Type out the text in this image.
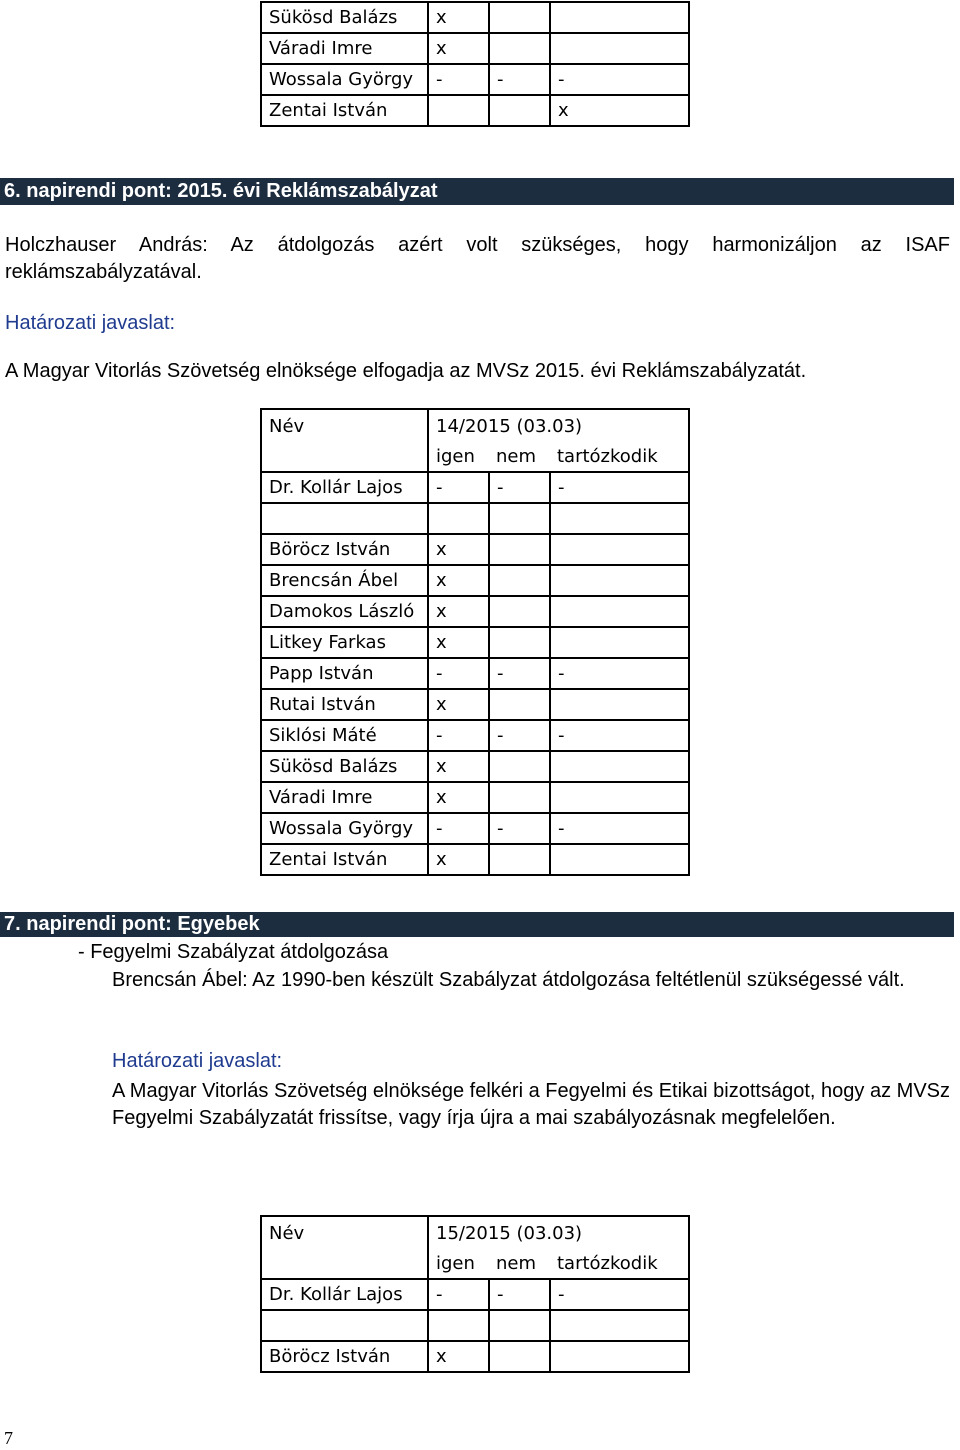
Sükösd Balázs	x		
Váradi Imre	x		
Wossala György	-	-	-
Zentai István			x
6. napirendi pont: 2015. évi Reklámszabályzat
Holczhauser András: Az átdolgozás azért volt szükséges, hogy harmonizáljon az ISAF reklámszabályzatával.
Határozati javaslat:
A Magyar Vitorlás Szövetség elnöksége elfogadja az MVSz 2015. évi Reklámszabályzatát.
Név	14/2015 (03.03)		
	igen	nem	tartózkodik
Dr. Kollár Lajos	-	-	-

Böröcz István	x		
Brencsán Ábel	x		
Damokos László	x		
Litkey Farkas	x		
Papp István	-	-	-
Rutai István	x		
Siklósi Máté	-	-	-
Sükösd Balázs	x		
Váradi Imre	x		
Wossala György	-	-	-
Zentai István	x		
7. napirendi pont: Egyebek
- Fegyelmi Szabályzat átdolgozása
Brencsán Ábel: Az 1990-ben készült Szabályzat átdolgozása feltétlenül szükségessé vált.
Határozati javaslat:
A Magyar Vitorlás Szövetség elnöksége felkéri a Fegyelmi és Etikai bizottságot, hogy az MVSz Fegyelmi Szabályzatát frissítse, vagy írja újra a mai szabályozásnak megfelelően.
Név	15/2015 (03.03)		
	igen	nem	tartózkodik
Dr. Kollár Lajos	-	-	-

Böröcz István	x		
7
